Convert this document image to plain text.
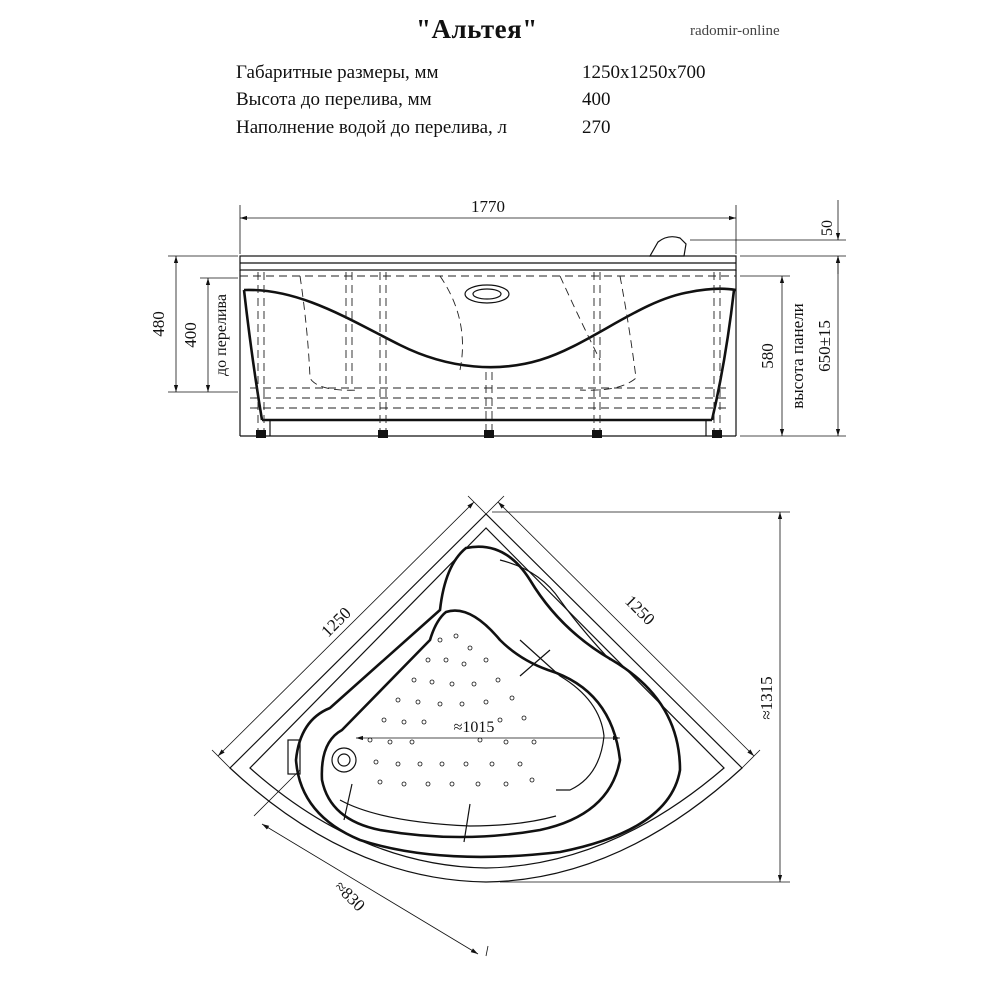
"Альтея"	radomir-online
Габаритные размеры, мм	1250x1250x700
Высота до перелива, мм	400
Наполнение водой до перелива, л	270
1770
50
650±15
580 высота панели
480 400 до перелива
≈1015
1250	1250
≈1315
≈830
